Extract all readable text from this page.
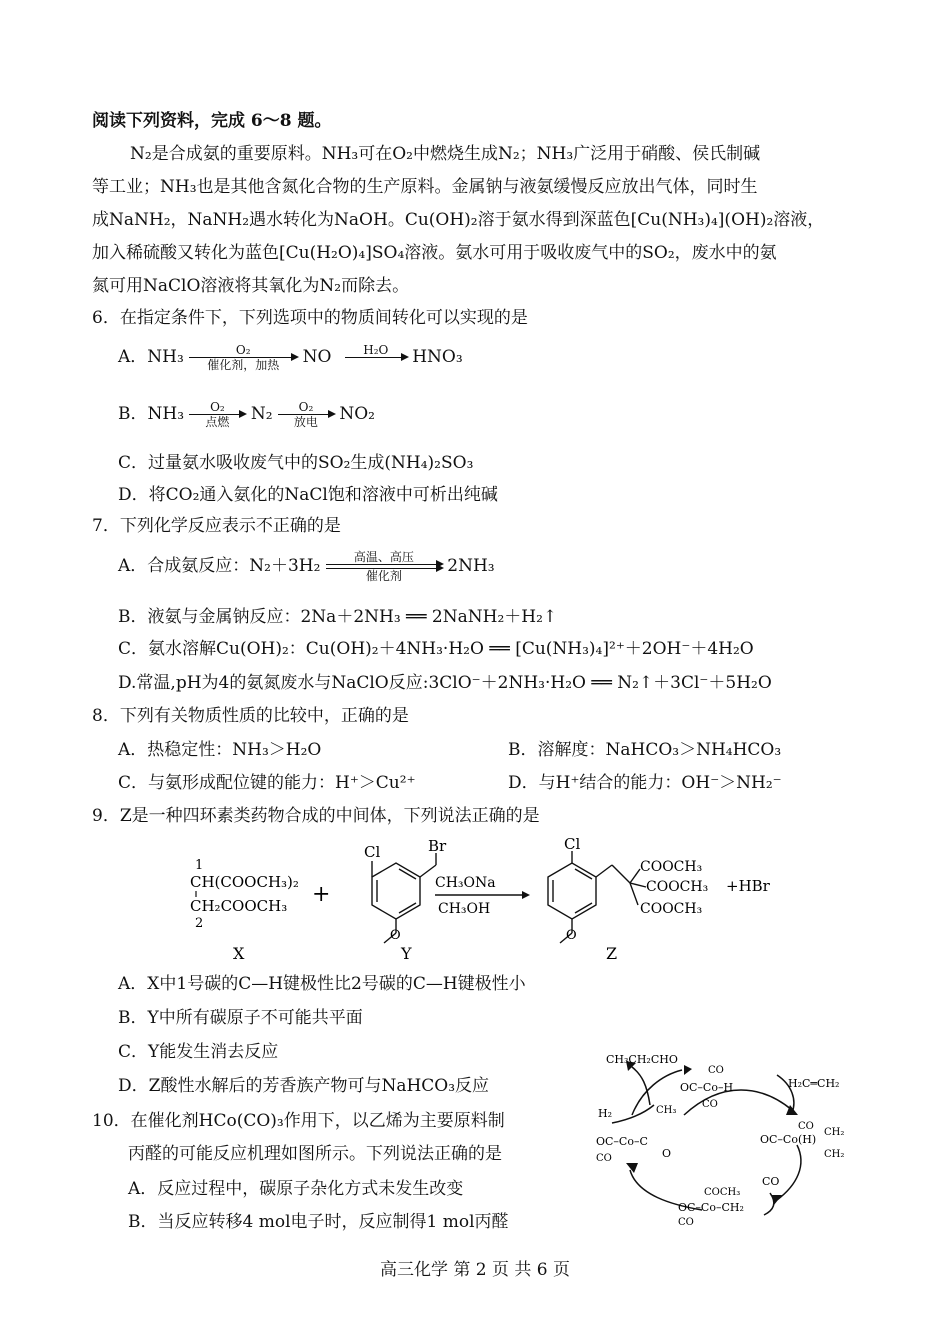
阅读下列资料，完成 6～8 题。
N₂是合成氨的重要原料。NH₃可在O₂中燃烧生成N₂；NH₃广泛用于硝酸、侯氏制碱
等工业；NH₃也是其他含氮化合物的生产原料。金属钠与液氨缓慢反应放出气体，同时生
成NaNH₂，NaNH₂遇水转化为NaOH。Cu(OH)₂溶于氨水得到深蓝色[Cu(NH₃)₄](OH)₂溶液，
加入稀硫酸又转化为蓝色[Cu(H₂O)₄]SO₄溶液。氨水可用于吸收废气中的SO₂，废水中的氨
氮可用NaClO溶液将其氧化为N₂而除去。
6．在指定条件下，下列选项中的物质间转化可以实现的是
A．NH₃	O₂
催化剂，加热	NO	H₂O
	HNO₃
B．NH₃	O₂
点燃	N₂	O₂
放电	NO₂
C．过量氨水吸收废气中的SO₂生成(NH₄)₂SO₃
D．将CO₂通入氨化的NaCl饱和溶液中可析出纯碱
7．下列化学反应表示不正确的是
A．合成氨反应：N₂＋3H₂	高温、高压
催化剂	2NH₃
B．液氨与金属钠反应：2Na＋2NH₃ ══ 2NaNH₂＋H₂↑
C．氨水溶解Cu(OH)₂：Cu(OH)₂＋4NH₃·H₂O ══ [Cu(NH₃)₄]²⁺＋2OH⁻＋4H₂O
D.常温,pH为4的氨氮废水与NaClO反应:3ClO⁻＋2NH₃·H₂O ══ N₂↑＋3Cl⁻＋5H₂O
8．下列有关物质性质的比较中，正确的是
A．热稳定性：NH₃＞H₂O	B．溶解度：NaHCO₃＞NH₄HCO₃
C．与氨形成配位键的能力：H⁺＞Cu²⁺	D．与H⁺结合的能力：OH⁻＞NH₂⁻
9．Z是一种四环素类药物合成的中间体，下列说法正确的是
1
CH(COOCH₃)₂
CH₂COOCH₃
2
X
+
Cl	Br
O
Y
CH₃ONa
CH₃OH
Cl
COOCH₃
COOCH₃
COOCH₃
+HBr
O
Z
A．X中1号碳的C—H键极性比2号碳的C—H键极性小
B．Y中所有碳原子不可能共平面
C．Y能发生消去反应
D．Z酸性水解后的芳香族产物可与NaHCO₃反应
10．在催化剂HCo(CO)₃作用下，以乙烯为主要原料制
丙醛的可能反应机理如图所示。下列说法正确的是
A．反应过程中，碳原子杂化方式未发生改变
B．当反应转移4 mol电子时，反应制得1 mol丙醛
CH₃CH₂CHO
OC–Co–H
CO
CO
H₂C═CH₂
H₂
OC–Co(H)
CO
CH₂
CH₂
CO
OC–Co–CH₂
COCH₃
CO
OC–Co–C
CH₃
O
CO
高三化学 第 2 页 共 6 页
